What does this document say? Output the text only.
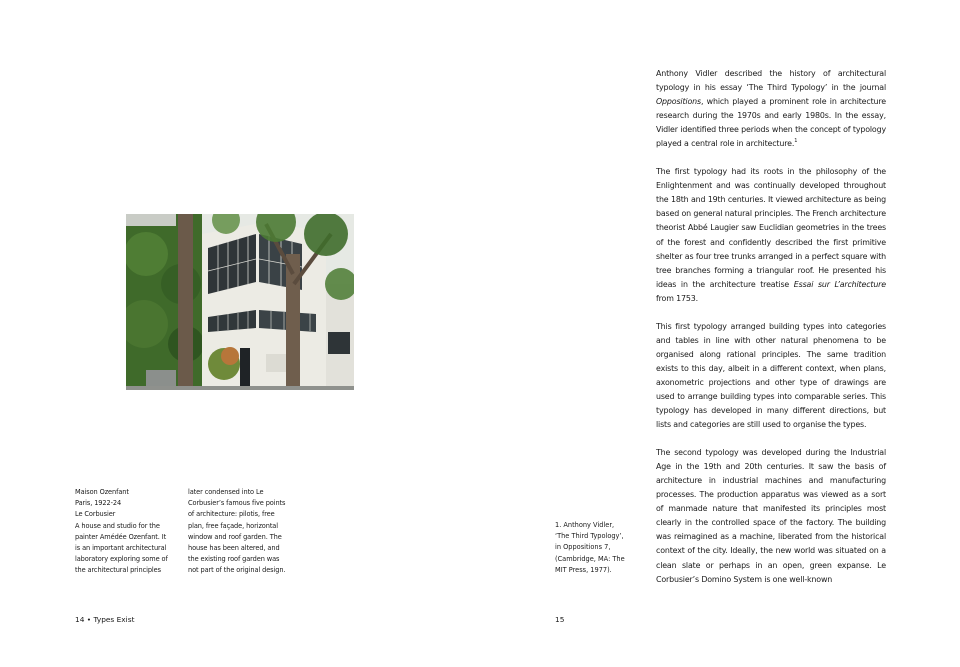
Maison Ozenfant

Paris, 1922-24

Le Corbusier

A house and studio for the

painter Amédée Ozenfant. It

is an important architectural

laboratory exploring some of

the architectural principles

later condensed into Le

Corbusier’s famous five points

of architecture: pilotis, free

plan, free façade, horizontal

window and roof garden. The

house has been altered, and

the existing roof garden was

not part of the original design.

14 • Types Exist

1. Anthony Vidler,

‘The Third Typology’,

in Oppositions 7,

(Cambridge, MA: The

MIT Press, 1977).

Anthony Vidler described the history of architectural typology in his essay ‘The Third Typology’ in the journal Oppositions, which played a prominent role in architecture research during the 1970s and early 1980s. In the essay, Vidler identified three periods when the concept of typology played a central role in architecture.$^1$

The first typology had its roots in the philosophy of the Enlightenment and was continually developed throughout the 18th and 19th centuries. It viewed architecture as being based on general natural principles. The French architecture theorist Abbé Laugier saw Euclidian geometries in the trees of the forest and confidently described the first primitive shelter as four tree trunks arranged in a perfect square with tree branches forming a triangular roof. He presented his ideas in the architecture treatise Essai sur L’architecture from 1753.

This first typology arranged building types into categories and tables in line with other natural phenomena to be organised along rational principles. The same tradition exists to this day, albeit in a different context, when plans, axonometric projections and other type of drawings are used to arrange building types into comparable series. This typology has developed in many different directions, but lists and categories are still used to organise the types.

The second typology was developed during the Industrial Age in the 19th and 20th centuries. It saw the basis of architecture in industrial machines and manufacturing processes. The production apparatus was viewed as a sort of manmade nature that manifested its principles most clearly in the controlled space of the factory. The building was reimagined as a machine, liberated from the historical context of the city. Ideally, the new world was situated on a clean slate or perhaps in an open, green expanse. Le Corbusier’s Domino System is one well-known

15
